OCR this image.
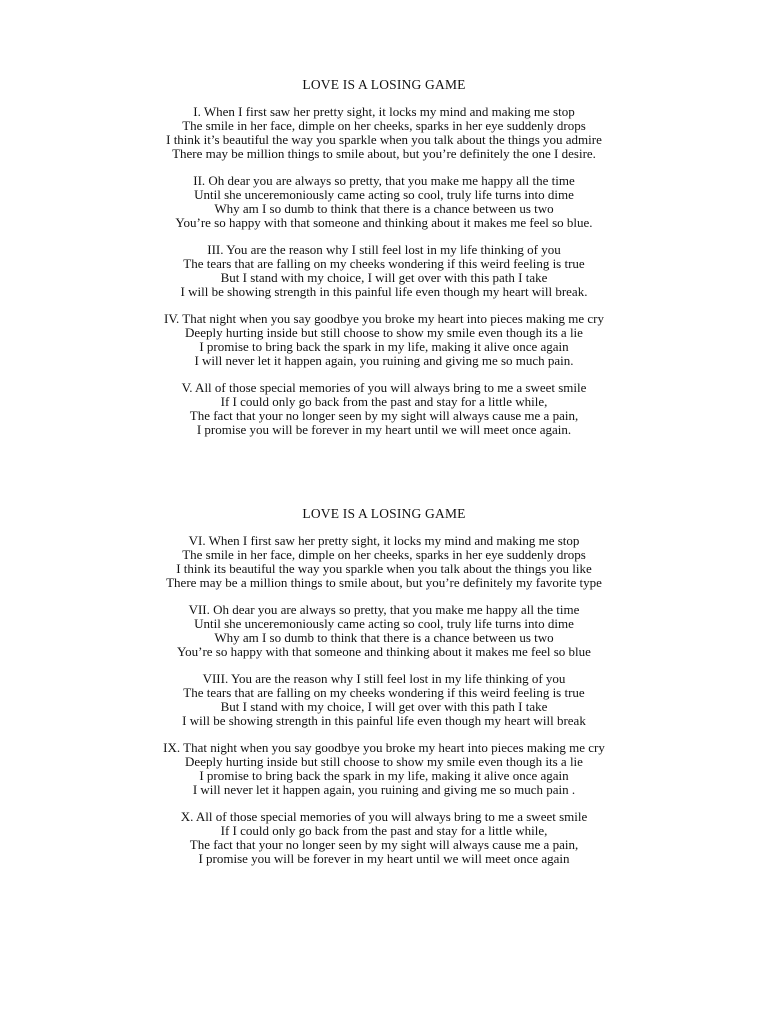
LOVE IS A LOSING GAME
I. When I first saw her pretty sight, it locks my mind and making me stop
The smile in her face, dimple on her cheeks, sparks in her eye suddenly drops
I think it’s beautiful the way you sparkle when you talk about the things you admire
There may be million things to smile about, but you’re definitely the one I desire.
II. Oh dear you are always so pretty, that you make me happy all the time
Until she unceremoniously came acting so cool, truly life turns into dime
Why am I so dumb to think that there is a chance between us two
You’re so happy with that someone and thinking about it makes me feel so blue.
III. You are the reason why I still feel lost in my life thinking of you
The tears that are falling on my cheeks wondering if this weird feeling is true
But I stand with my choice, I will get over with this path I take
I will be showing strength in this painful life even though my heart will break.
IV. That night when you say goodbye you broke my heart into pieces making me cry
Deeply hurting inside but still choose to show my smile even though its a lie
I promise to bring back the spark in my life, making it alive once again
I will never let it happen again, you ruining and giving me so much pain.
V. All of those special memories of you will always bring to me a sweet smile
If I could only go back from the past and stay for a little while,
The fact that your no longer seen by my sight will always cause me a pain,
I promise you will be forever in my heart until we will meet once again.
LOVE IS A LOSING GAME
VI. When I first saw her pretty sight, it locks my mind and making me stop
The smile in her face, dimple on her cheeks, sparks in her eye suddenly drops
I think its beautiful the way you sparkle when you talk about the things you like
There may be a million things to smile about, but you’re definitely my favorite type
VII. Oh dear you are always so pretty, that you make me happy all the time
Until she unceremoniously came acting so cool, truly life turns into dime
Why am I so dumb to think that there is a chance between us two
You’re so happy with that someone and thinking about it makes me feel so blue
VIII. You are the reason why I still feel lost in my life thinking of you
The tears that are falling on my cheeks wondering if this weird feeling is true
But I stand with my choice, I will get over with this path I take
I will be showing strength in this painful life even though my heart will break
IX. That night when you say goodbye you broke my heart into pieces making me cry
Deeply hurting inside but still choose to show my smile even though its a lie
I promise to bring back the spark in my life, making it alive once again
I will never let it happen again, you ruining and giving me so much pain .
X. All of those special memories of you will always bring to me a sweet smile
If I could only go back from the past and stay for a little while,
The fact that your no longer seen by my sight will always cause me a pain,
I promise you will be forever in my heart until we will meet once again
